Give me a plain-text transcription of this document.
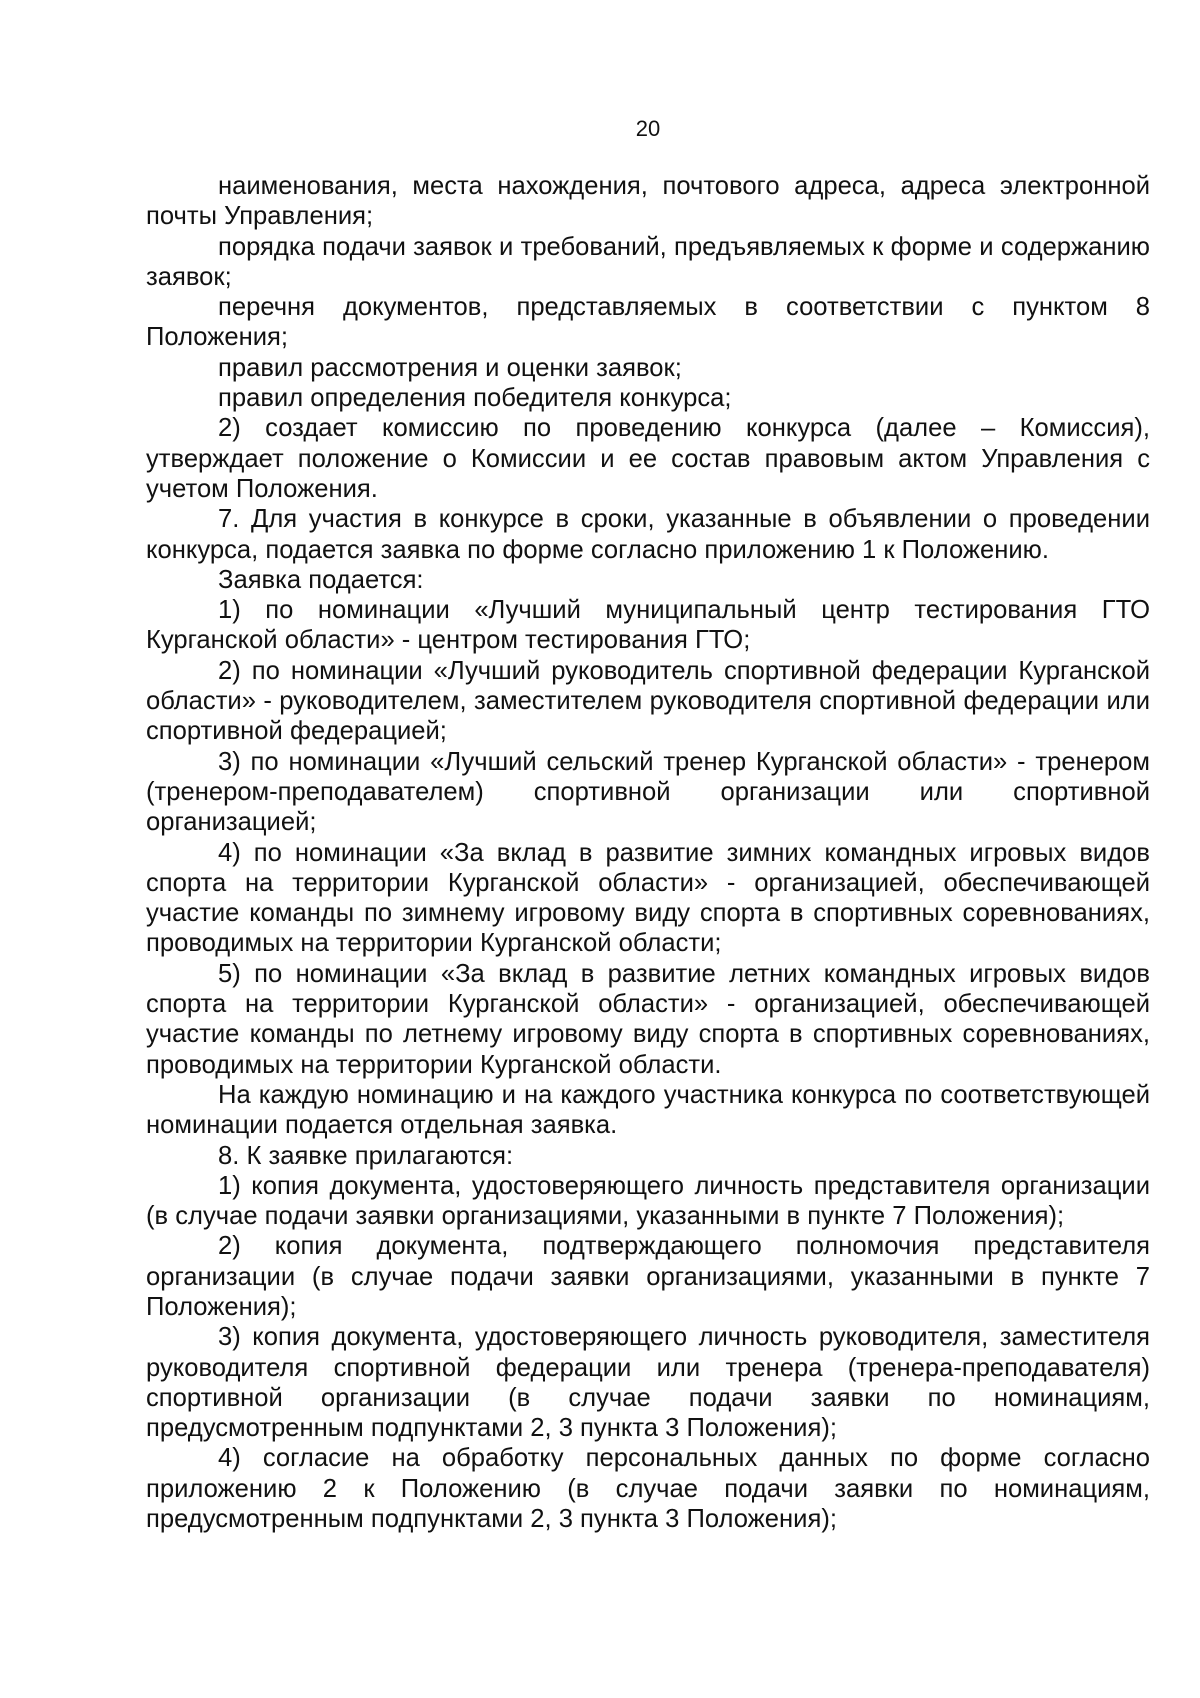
20

наименования, места нахождения, почтового адреса, адреса электронной почты Управления;

порядка подачи заявок и требований, предъявляемых к форме и содержанию заявок;

перечня документов, представляемых в соответствии с пунктом 8 Положения;

правил рассмотрения и оценки заявок;

правил определения победителя конкурса;

2) создает комиссию по проведению конкурса (далее – Комиссия), утверждает положение о Комиссии и ее состав правовым актом Управления с учетом Положения.

7. Для участия в конкурсе в сроки, указанные в объявлении о проведении конкурса, подается заявка по форме согласно приложению 1 к Положению.

Заявка подается:

1) по номинации «Лучший муниципальный центр тестирования ГТО Курганской области» - центром тестирования ГТО;

2) по номинации «Лучший руководитель спортивной федерации Курганской области» - руководителем, заместителем руководителя спортивной федерации или спортивной федерацией;

3) по номинации «Лучший сельский тренер Курганской области» - тренером (тренером-преподавателем) спортивной организации или спортивной организацией;

4) по номинации «За вклад в развитие зимних командных игровых видов спорта на территории Курганской области» - организацией, обеспечивающей участие команды по зимнему игровому виду спорта в спортивных соревнованиях, проводимых на территории Курганской области;

5) по номинации «За вклад в развитие летних командных игровых видов спорта на территории Курганской области» - организацией, обеспечивающей участие команды по летнему игровому виду спорта в спортивных соревнованиях, проводимых на территории Курганской области.

На каждую номинацию и на каждого участника конкурса по соответствующей номинации подается отдельная заявка.

8. К заявке прилагаются:

1) копия документа, удостоверяющего личность представителя организации (в случае подачи заявки организациями, указанными в пункте 7 Положения);

2) копия документа, подтверждающего полномочия представителя организации (в случае подачи заявки организациями, указанными в пункте 7 Положения);

3) копия документа, удостоверяющего личность руководителя, заместителя руководителя спортивной федерации или тренера (тренера-преподавателя) спортивной организации (в случае подачи заявки по номинациям, предусмотренным подпунктами 2, 3 пункта 3 Положения);

4) согласие на обработку персональных данных по форме согласно приложению 2 к Положению (в случае подачи заявки по номинациям, предусмотренным подпунктами 2, 3 пункта 3 Положения);
